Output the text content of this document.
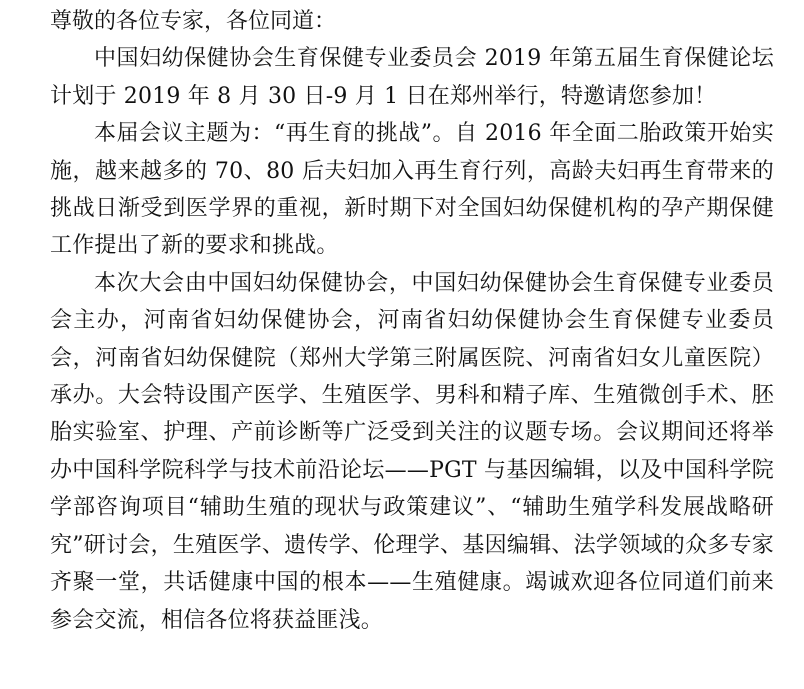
尊敬的各位专家，各位同道：

中国妇幼保健协会生育保健专业委员会 2019 年第五届生育保健论坛计划于 2019 年 8 月 30 日-9 月 1 日在郑州举行，特邀请您参加！

本届会议主题为：“再生育的挑战”。自 2016 年全面二胎政策开始实施，越来越多的 70、80 后夫妇加入再生育行列，高龄夫妇再生育带来的挑战日渐受到医学界的重视，新时期下对全国妇幼保健机构的孕产期保健工作提出了新的要求和挑战。

本次大会由中国妇幼保健协会，中国妇幼保健协会生育保健专业委员会主办，河南省妇幼保健协会，河南省妇幼保健协会生育保健专业委员会，河南省妇幼保健院（郑州大学第三附属医院、河南省妇女儿童医院）承办。大会特设围产医学、生殖医学、男科和精子库、生殖微创手术、胚胎实验室、护理、产前诊断等广泛受到关注的议题专场。会议期间还将举办中国科学院科学与技术前沿论坛——PGT 与基因编辑，以及中国科学院学部咨询项目“辅助生殖的现状与政策建议”、“辅助生殖学科发展战略研究”研讨会，生殖医学、遗传学、伦理学、基因编辑、法学领域的众多专家齐聚一堂，共话健康中国的根本——生殖健康。竭诚欢迎各位同道们前来参会交流，相信各位将获益匪浅。
